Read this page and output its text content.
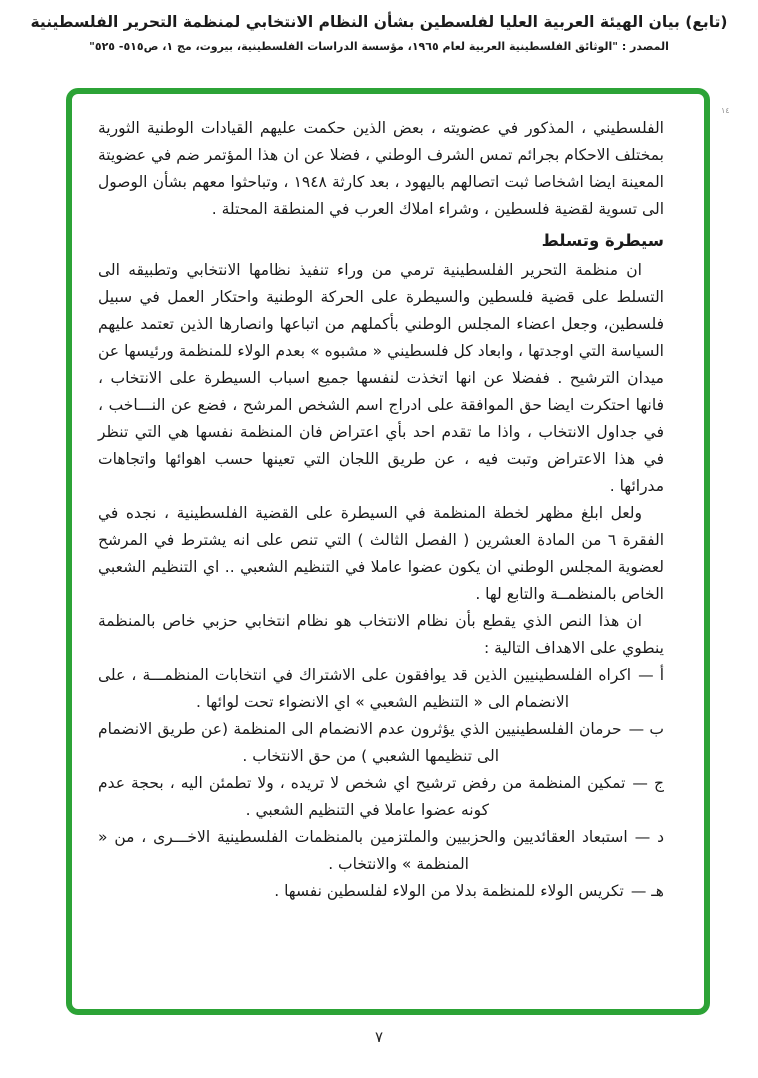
(تابع) بيان الهيئة العربية العليا لفلسطين بشأن النظام الانتخابي لمنظمة التحرير الفلسطينية
المصدر : "الوثائق الفلسطينية العربية لعام ١٩٦٥، مؤسسة الدراسات الفلسطينية، بيروت، مج ١، ص٥١٥- ٥٢٥"

الفلسطيني ، المذكور في عضويته ، بعض الذين حكمت عليهم القيادات الوطنية الثورية بمختلف الاحكام بجرائم تمس الشرف الوطني ، فضلا عن ان هذا المؤتمر ضم في عضويتة المعينة ايضا اشخاصا ثبت اتصالهم باليهود ، بعد كارثة ١٩٤٨ ، وتباحثوا معهم بشأن الوصول الى تسوية لقضية فلسطين ، وشراء املاك العرب في المنطقة المحتلة .

سيطرة وتسلط

ان منظمة التحرير الفلسطينية ترمي من وراء تنفيذ نظامها الانتخابي وتطبيقه الى التسلط على قضية فلسطين والسيطرة على الحركة الوطنية واحتكار العمل في سبيل فلسطين، وجعل اعضاء المجلس الوطني بأكملهم من اتباعها وانصارها الذين تعتمد عليهم السياسة التي اوجدتها ، وابعاد كل فلسطيني « مشبوه » بعدم الولاء للمنظمة ورئيسها عن ميدان الترشيح . ففضلا عن انها اتخذت لنفسها جميع اسباب السيطرة على الانتخاب ، فانها احتكرت ايضا حق الموافقة على ادراج اسم الشخص المرشح ، فضع عن النـــاخب ، في جداول الانتخاب ، واذا ما تقدم احد بأي اعتراض فان المنظمة نفسها هي التي تنظر في هذا الاعتراض وتبت فيه ، عن طريق اللجان التي تعينها حسب اهوائها واتجاهات مدرائها .

ولعل ابلغ مظهر لخطة المنظمة في السيطرة على القضية الفلسطينية ، نجده في الفقرة ٦ من المادة العشرين ( الفصل الثالث ) التي تنص على انه يشترط في المرشح لعضوية المجلس الوطني ان يكون عضوا عاملا في التنظيم الشعبي .. اي التنظيم الشعبي الخاص بالمنظمــة والتابع لها .

ان هذا النص الذي يقطع بأن نظام الانتخاب هو نظام انتخابي حزبي خاص بالمنظمة ينطوي على الاهداف التالية :

أ —اكراه الفلسطينيين الذين قد يوافقون على الاشتراك في انتخابات المنظمـــة ، على الانضمام الى « التنظيم الشعبي » اي الانضواء تحت لوائها .

ب —حرمان الفلسطينيين الذي يؤثرون عدم الانضمام الى المنظمة (عن طريق الانضمام الى تنظيمها الشعبي ) من حق الانتخاب .

ج —تمكين المنظمة من رفض ترشيح اي شخص لا تريده ، ولا تطمئن اليه ، بحجة عدم كونه عضوا عاملا في التنظيم الشعبي .

د —استبعاد العقائديين والحزبيين والملتزمين بالمنظمات الفلسطينية الاخـــرى ، من « المنظمة » والانتخاب .

هـ —تكريس الولاء للمنظمة بدلا من الولاء لفلسطين نفسها .

١٤
٧
